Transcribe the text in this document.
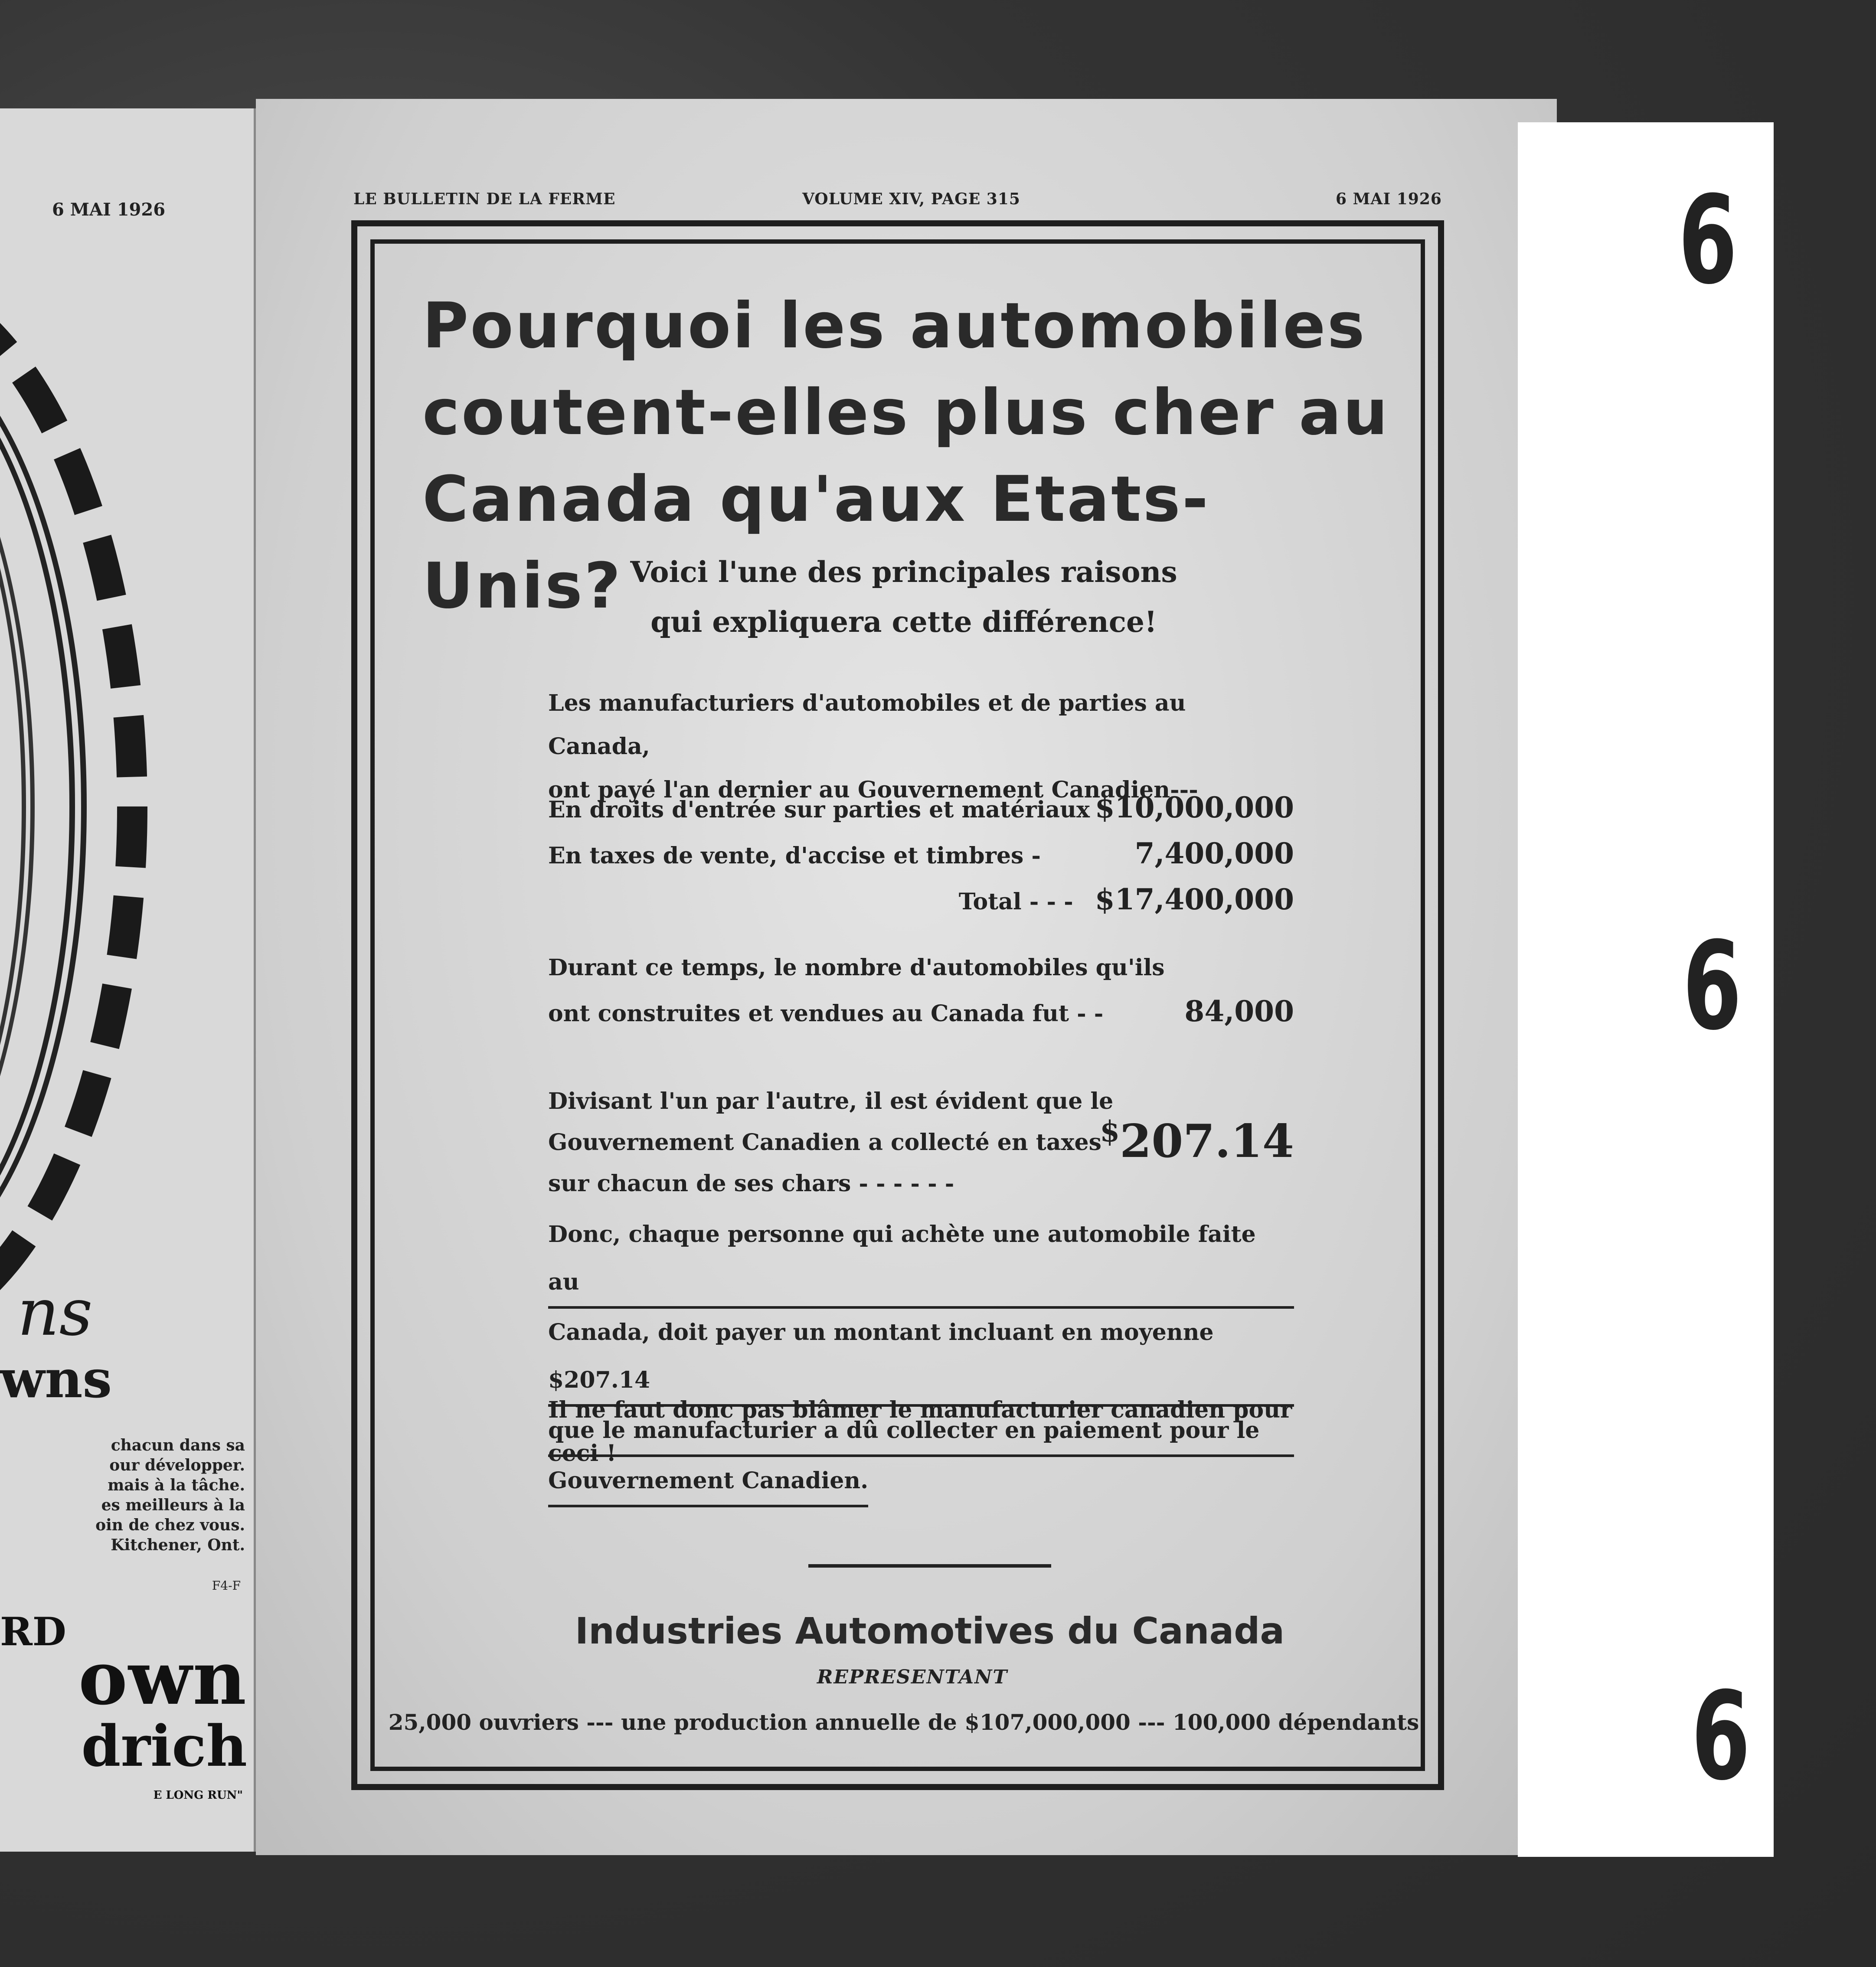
6 MAI 1926
ns
wns
chacun dans sa
our développer.
mais à la tâche.
es meilleurs à la
oin de chez vous.
Kitchener, Ont.
F4-F
RD
own
drich
E LONG RUN"
LE BULLETIN DE LA FERME	VOLUME XIV, PAGE 315	6 MAI 1926
Pourquoi les automobiles coutent-elles plus cher au Canada qu'aux Etats-Unis? Voici l'une des principales raisons
qui expliquera cette différence!
Les manufacturiers d'automobiles et de parties au Canada,
ont payé l'an dernier au Gouvernement Canadien---
En droits d'entrée sur parties et matériaux $10,000,000
En taxes de vente, d'accise et timbres -	7,400,000
Total - - - $17,400,000
Durant ce temps, le nombre d'automobiles qu'ils
ont construites et vendues au Canada fut - -	84,000
Divisant l'un par l'autre, il est évident que le
Gouvernement Canadien a collecté en taxes
sur chacun de ses chars - - - - - -
$207.14
Donc, chaque personne qui achète une automobile faite au
Canada, doit payer un montant incluant en moyenne $207.14
que le manufacturier a dû collecter en paiement pour le
Gouvernement Canadien.
Il ne faut donc pas blâmer le manufacturier canadien pour
ceci !
Industries Automotives du Canada
REPRESENTANT
25,000 ouvriers --- une production annuelle de $107,000,000 --- 100,000 dépendants
6
6
6
